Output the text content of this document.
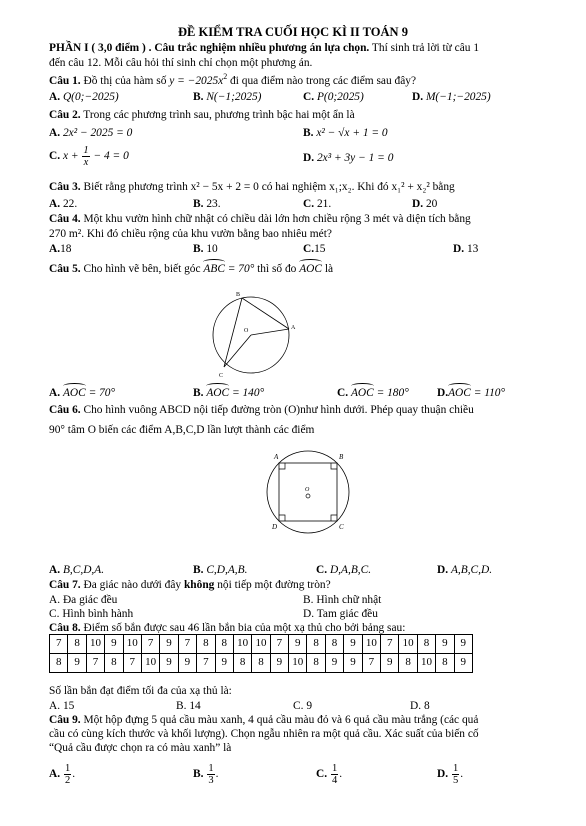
ĐỀ KIỂM TRA CUỐI HỌC KÌ II TOÁN 9
PHẦN I ( 3,0 điểm ) . Câu trắc nghiệm nhiều phương án lựa chọn. Thí sinh trả lời từ câu 1
đến câu 12. Mỗi câu hỏi thí sinh chỉ chọn một phương án.
Câu 1. Đồ thị của hàm số $y = -2025x^2$ đi qua điểm nào trong các điểm sau đây?
A. Q(0;−2025)	B. N(−1;2025)	C. P(0;2025)	D. M(−1;−2025)
Câu 2. Trong các phương trình sau, phương trình bậc hai một ẩn là
A. 2x² − 2025 = 0	B. x² − √x + 1 = 0
C. $x + \frac{1}{x} - 4 = 0$	D. 2x³ + 3y − 1 = 0
Câu 3. Biết rằng phương trình x² − 5x + 2 = 0 có hai nghiệm x₁;x₂. Khi đó x₁² + x₂² bằng
A. 22.	B. 23.	C. 21.	D. 20
Câu 4. Một khu vườn hình chữ nhật có chiều dài lớn hơn chiều rộng 3 mét và diện tích bằng
270 m². Khi đó chiều rộng của khu vườn bằng bao nhiêu mét?
A.18	B. 10	C.15	D. 13
Câu 5. Cho hình vẽ bên, biết góc ABC = 70° thì số đo AOC là
B
O	A
C
A. AOC = 70°	B. AOC = 140°	C. AOC = 180° D.AOC = 110°
Câu 6. Cho hình vuông ABCD nội tiếp đường tròn (O)như hình dưới. Phép quay thuận chiều
90° tâm O biến các điểm A,B,C,D lần lượt thành các điểm
A	B
C
D
O
A. B,C,D,A.	B. C,D,A,B.	C. D,A,B,C.	D. A,B,C,D.
Câu 7. Đa giác nào dưới đây không nội tiếp một đường tròn?
A. Đa giác đều	B. Hình chữ nhật
C. Hình bình hành	D. Tam giác đều
Câu 8. Điểm số bắn được sau 46 lần bắn bia của một xạ thủ cho bởi bảng sau:
7	8	10	9	10	7	9	7	8	8	10	10	7	9	8	8	9	10	7	10	8	9	9
8	9	7	8	7	10	9	9	7	9	8	8	9	10	8	9	9	7	9	8	10	8	9
Số lần bắn đạt điểm tối đa của xạ thủ là:
A. 15	B. 14	C. 9	D. 8
Câu 9. Một hộp đựng 5 quả cầu màu xanh, 4 quả cầu màu đỏ và 6 quả cầu màu trắng (các quả
cầu có cùng kích thước và khối lượng). Chọn ngẫu nhiên ra một quả cầu. Xác suất của biến cố
“Quả cầu được chọn ra có màu xanh” là
A. $\frac{1}{2}$ .	B. $\frac{1}{3}$ .	C. $\frac{1}{4}$ .	D. $\frac{1}{5}$ .
